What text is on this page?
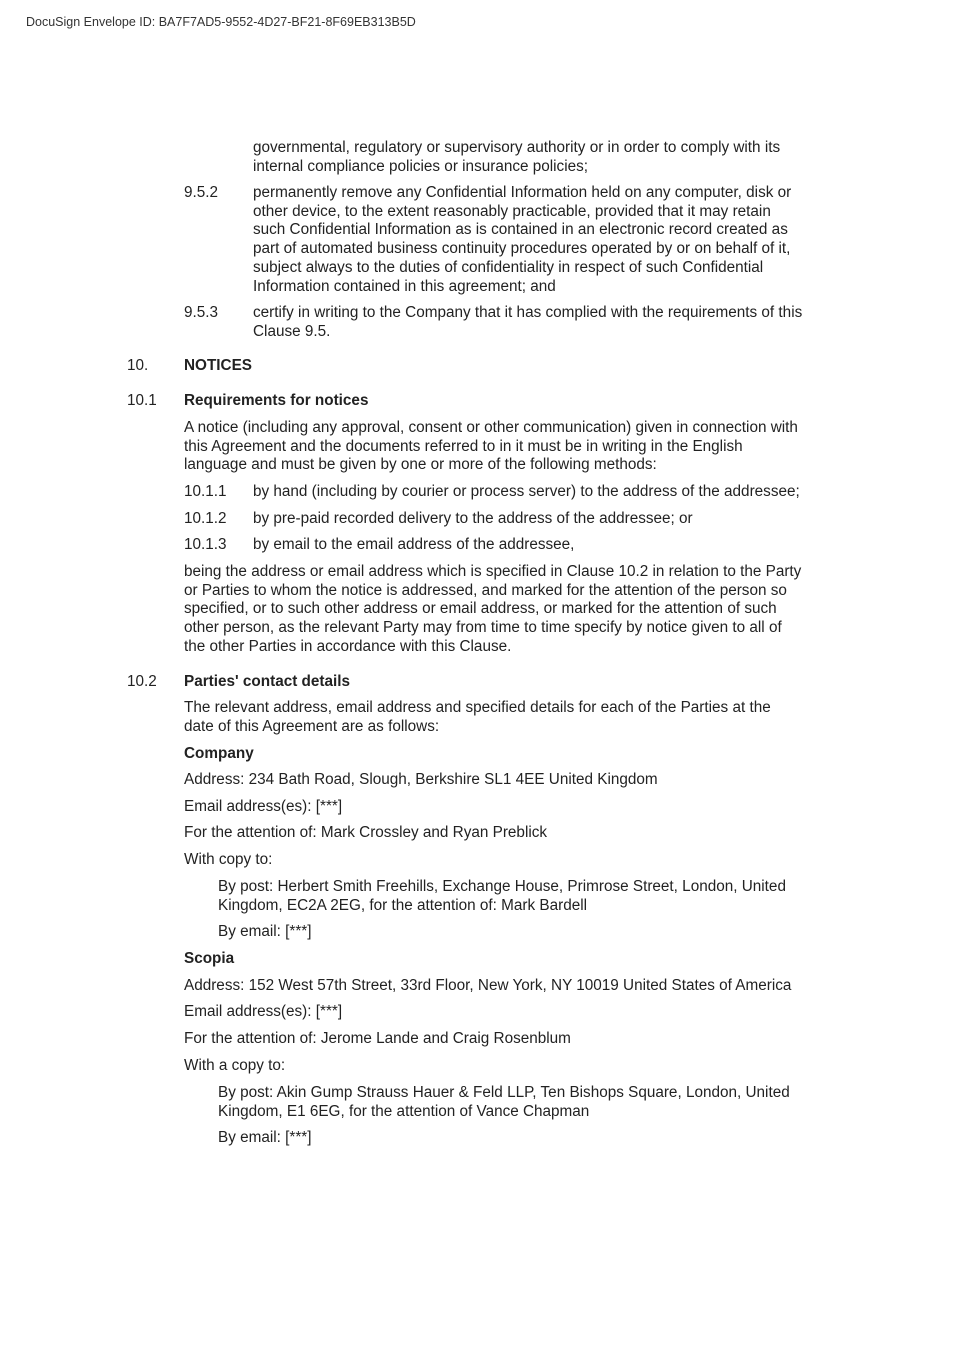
DocuSign Envelope ID: BA7F7AD5-9552-4D27-BF21-8F69EB313B5D
governmental, regulatory or supervisory authority or in order to comply with its
internal compliance policies or insurance policies;
9.5.2 permanently remove any Confidential Information held on any computer, disk or
other device, to the extent reasonably practicable, provided that it may retain
such Confidential Information as is contained in an electronic record created as
part of automated business continuity procedures operated by or on behalf of it,
subject always to the duties of confidentiality in respect of such Confidential
Information contained in this agreement; and
9.5.3 certify in writing to the Company that it has complied with the requirements of this
Clause 9.5.
10. NOTICES
10.1 Requirements for notices
A notice (including any approval, consent or other communication) given in connection with
this Agreement and the documents referred to in it must be in writing in the English
language and must be given by one or more of the following methods:
10.1.1 by hand (including by courier or process server) to the address of the addressee;
10.1.2 by pre-paid recorded delivery to the address of the addressee; or
10.1.3 by email to the email address of the addressee,
being the address or email address which is specified in Clause 10.2 in relation to the Party
or Parties to whom the notice is addressed, and marked for the attention of the person so
specified, or to such other address or email address, or marked for the attention of such
other person, as the relevant Party may from time to time specify by notice given to all of
the other Parties in accordance with this Clause.
10.2 Parties' contact details
The relevant address, email address and specified details for each of the Parties at the
date of this Agreement are as follows:
Company
Address: 234 Bath Road, Slough, Berkshire SL1 4EE United Kingdom
Email address(es): [***]
For the attention of: Mark Crossley and Ryan Preblick
With copy to:
By post: Herbert Smith Freehills, Exchange House, Primrose Street, London, United
Kingdom, EC2A 2EG, for the attention of: Mark Bardell
By email: [***]
Scopia
Address: 152 West 57th Street, 33rd Floor, New York, NY 10019 United States of America
Email address(es): [***]
For the attention of: Jerome Lande and Craig Rosenblum
With a copy to:
By post: Akin Gump Strauss Hauer & Feld LLP, Ten Bishops Square, London, United
Kingdom, E1 6EG, for the attention of Vance Chapman
By email: [***]
